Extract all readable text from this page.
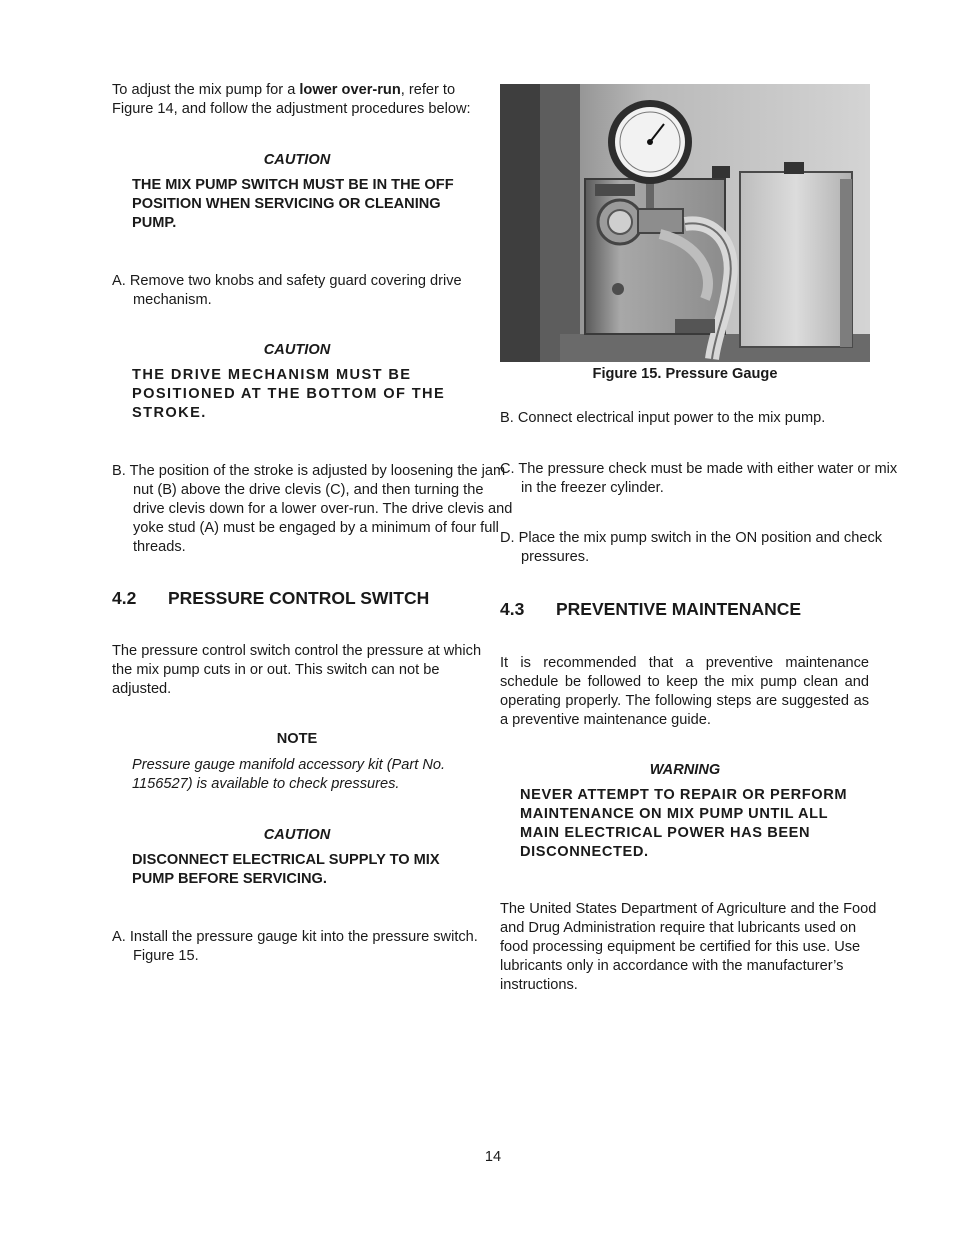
To adjust the mix pump for a lower over-run, refer to Figure 14, and follow the adjustment procedures below:
CAUTION
THE MIX PUMP SWITCH MUST BE IN THE OFF POSITION WHEN SERVICING OR CLEANING PUMP.
A. Remove two knobs and safety guard covering drive mechanism.
CAUTION
THE DRIVE MECHANISM MUST BE POSITIONED AT THE BOTTOM OF THE STROKE.
B. The position of the stroke is adjusted by loosening the jam nut (B) above the drive clevis (C), and then turning the drive clevis down for a lower over-run. The drive clevis and yoke stud (A) must be engaged by a minimum of four full threads.
4.2 PRESSURE CONTROL SWITCH
The pressure control switch control the pressure at which the mix pump cuts in or out. This switch can not be adjusted.
NOTE
Pressure gauge manifold accessory kit (Part No. 1156527) is available to check pressures.
CAUTION
DISCONNECT ELECTRICAL SUPPLY TO MIX PUMP BEFORE SERVICING.
A. Install the pressure gauge kit into the pressure switch. Figure 15.
Figure 15. Pressure Gauge
B. Connect electrical input power to the mix pump.
C. The pressure check must be made with either water or mix in the freezer cylinder.
D. Place the mix pump switch in the ON position and check pressures.
4.3 PREVENTIVE MAINTENANCE
It is recommended that a preventive maintenance schedule be followed to keep the mix pump clean and operating properly. The following steps are suggested as a preventive maintenance guide.
WARNING
NEVER ATTEMPT TO REPAIR OR PERFORM MAINTENANCE ON MIX PUMP UNTIL ALL MAIN ELECTRICAL POWER HAS BEEN DISCONNECTED.
The United States Department of Agriculture and the Food and Drug Administration require that lubricants used on food processing equipment be certified for this use. Use lubricants only in accordance with the manufacturer’s instructions.
14
